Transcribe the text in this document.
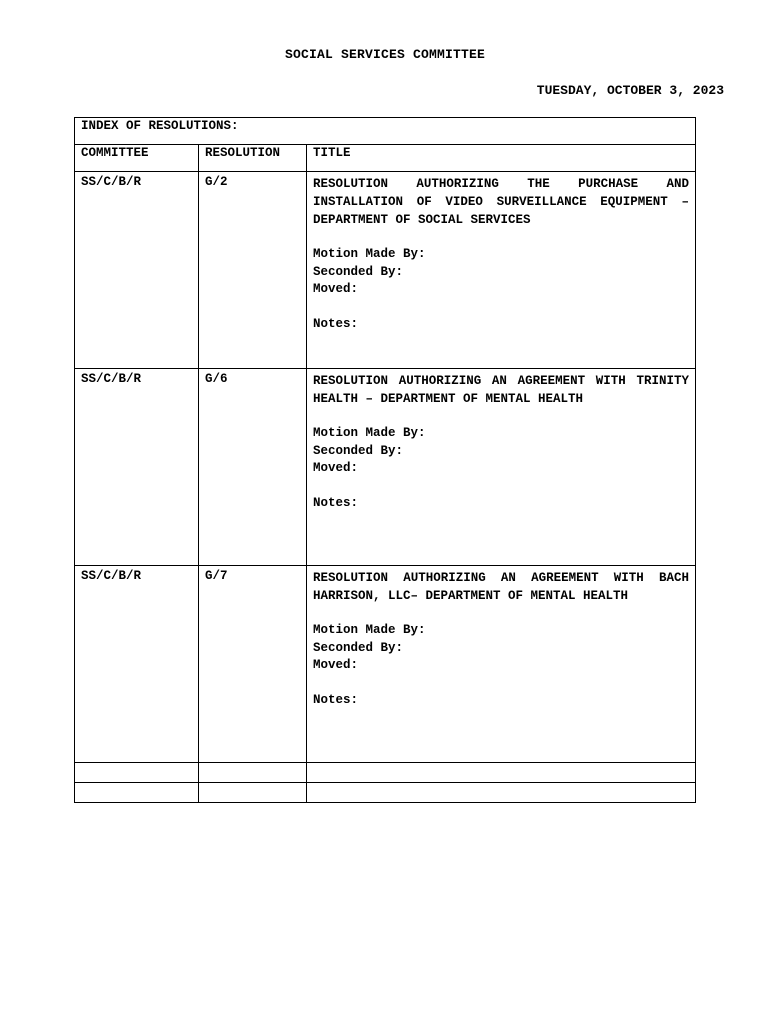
SOCIAL SERVICES COMMITTEE
TUESDAY, OCTOBER 3, 2023
INDEX OF RESOLUTIONS:		
COMMITTEE	RESOLUTION	TITLE
SS/C/B/R	G/2	RESOLUTION AUTHORIZING THE PURCHASE AND INSTALLATION OF VIDEO SURVEILLANCE EQUIPMENT – DEPARTMENT OF SOCIAL SERVICES
Motion Made By:
Seconded By:
Moved:
Notes:

SS/C/B/R	G/6	RESOLUTION AUTHORIZING AN AGREEMENT WITH TRINITY HEALTH – DEPARTMENT OF MENTAL HEALTH
Motion Made By:
Seconded By:
Moved:
Notes:

SS/C/B/R	G/7	RESOLUTION AUTHORIZING AN AGREEMENT WITH BACH HARRISON, LLC– DEPARTMENT OF MENTAL HEALTH
Motion Made By:
Seconded By:
Moved:
Notes:
